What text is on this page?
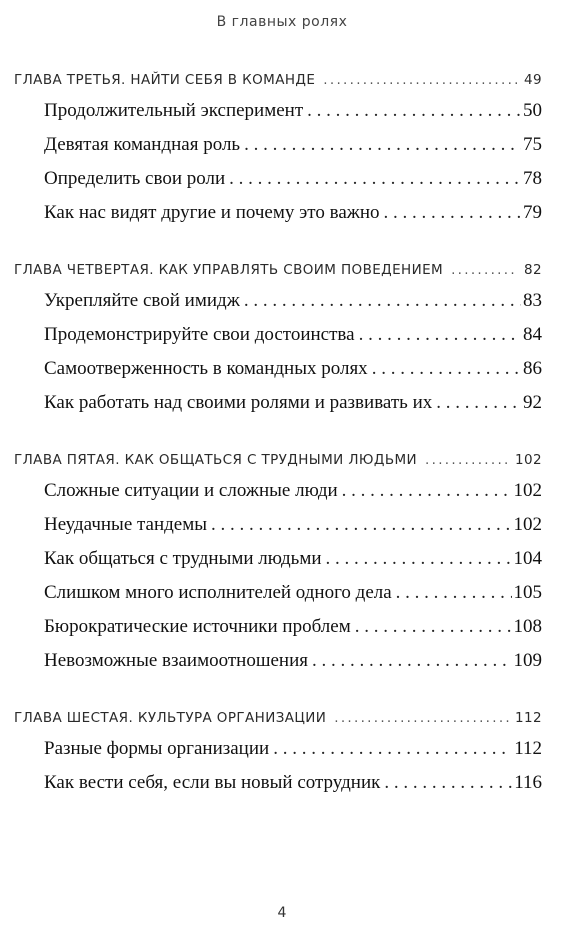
В главных ролях
ГЛАВА ТРЕТЬЯ. НАЙТИ СЕБЯ В КОМАНДЕ . . .	49
Продолжительный эксперимент . . .	50
Девятая командная роль . . .	75
Определить свои роли . . .	78
Как нас видят другие и почему это важно . . .	79
ГЛАВА ЧЕТВЕРТАЯ. КАК УПРАВЛЯТЬ СВОИМ ПОВЕДЕНИЕМ . . .	82
Укрепляйте свой имидж . . .	83
Продемонстрируйте свои достоинства . . .	84
Самоотверженность в командных ролях . . .	86
Как работать над своими ролями и развивать их . . .	92
ГЛАВА ПЯТАЯ. КАК ОБЩАТЬСЯ С ТРУДНЫМИ ЛЮДЬМИ . . .	102
Сложные ситуации и сложные люди . . .	102
Неудачные тандемы . . .	102
Как общаться с трудными людьми . . .	104
Слишком много исполнителей одного дела . . .	105
Бюрократические источники проблем . . .	108
Невозможные взаимоотношения . . .	109
ГЛАВА ШЕСТАЯ. КУЛЬТУРА ОРГАНИЗАЦИИ . . .	112
Разные формы организации . . .	112
Как вести себя, если вы новый сотрудник . . .	116
4
